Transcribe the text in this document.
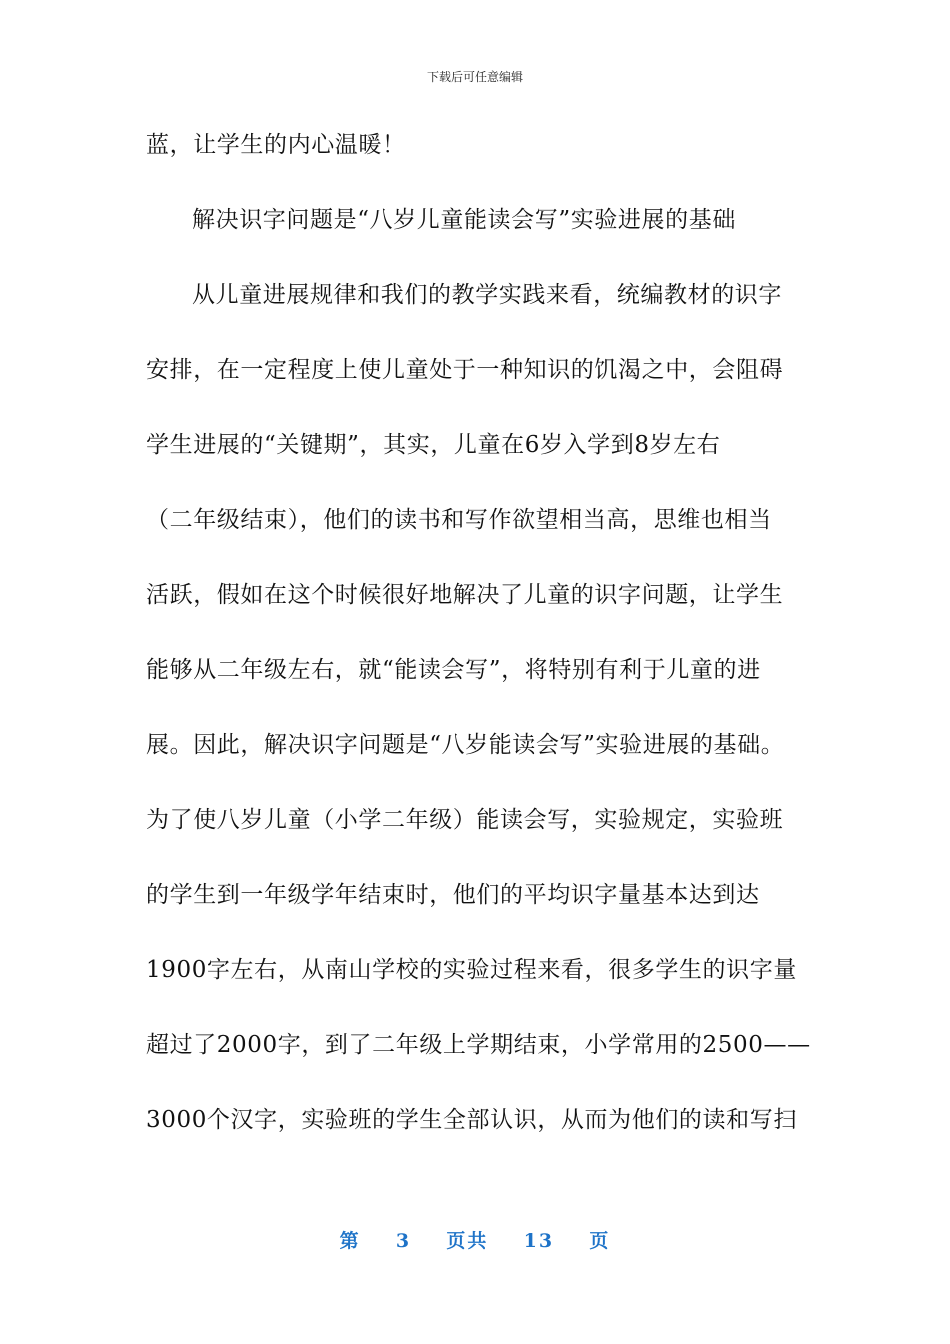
下载后可任意编辑
蓝，让学生的内心温暖！
解决识字问题是“八岁儿童能读会写”实验进展的基础
从儿童进展规律和我们的教学实践来看，统编教材的识字
安排，在一定程度上使儿童处于一种知识的饥渴之中，会阻碍
学生进展的“关键期”，其实，儿童在6岁入学到8岁左右
（二年级结束），他们的读书和写作欲望相当高，思维也相当
活跃，假如在这个时候很好地解决了儿童的识字问题，让学生
能够从二年级左右，就“能读会写”，将特别有利于儿童的进
展。因此，解决识字问题是“八岁能读会写”实验进展的基础。
为了使八岁儿童（小学二年级）能读会写，实验规定，实验班
的学生到一年级学年结束时，他们的平均识字量基本达到达
1900字左右，从南山学校的实验过程来看，很多学生的识字量
超过了2000字，到了二年级上学期结束，小学常用的2500——
3000个汉字，实验班的学生全部认识，从而为他们的读和写扫
第 3 页共 13 页
